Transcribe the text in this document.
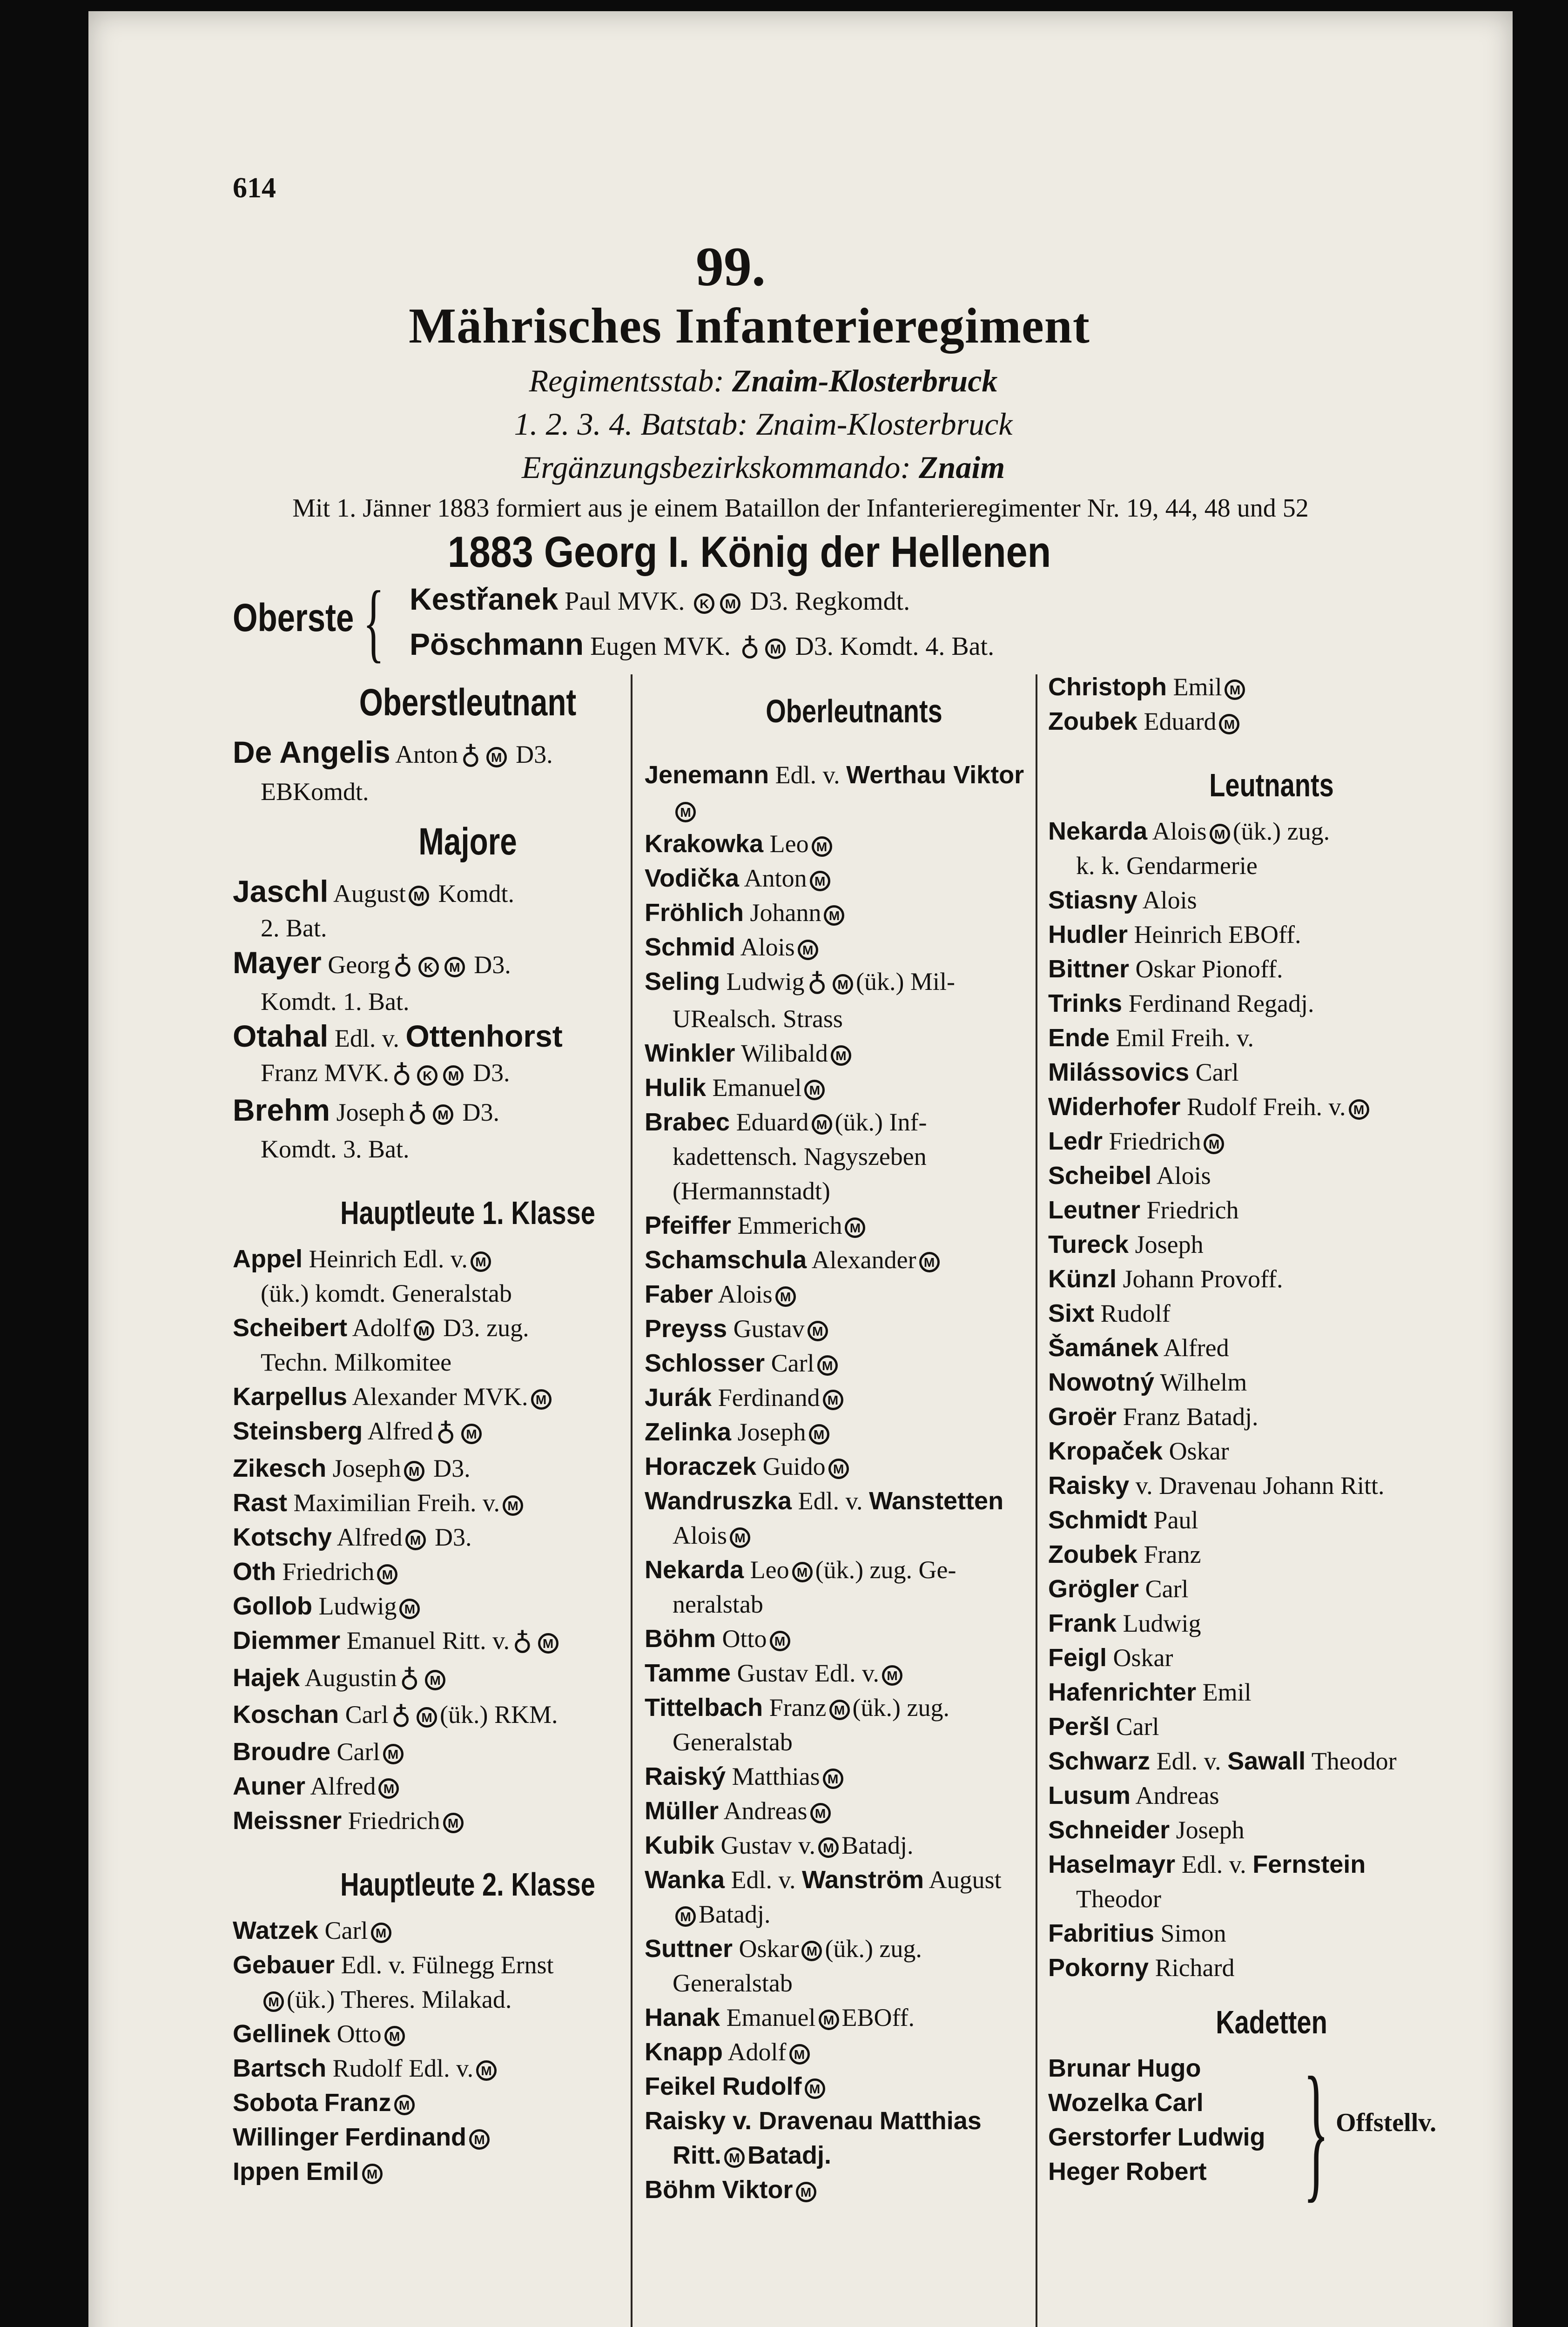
614
99.
Mährisches Infanterieregiment
Regimentsstab: Znaim-Klosterbruck
1. 2. 3. 4. Batstab: Znaim-Klosterbruck
Ergänzungsbezirkskommando: Znaim
Mit 1. Jänner 1883 formiert aus je einem Bataillon der Infanterieregimenter Nr. 19, 44, 48 und 52
1883 Georg I. König der Hellenen
Oberste { Kestřanek Paul MVK. K M D3. Regkomdt.
Pöschmann Eugen MVK. ♁ M D3. Komdt. 4. Bat.
Oberstleutnant
De Angelis Anton ♁ M D3.
EBKomdt.
Majore
Jaschl August M Komdt.
2. Bat.
Mayer Georg ♁ K M D3.
Komdt. 1. Bat.
Otahal Edl. v. Ottenhorst
Franz MVK. ♁ K M D3.
Brehm Joseph ♁ M D3.
Komdt. 3. Bat.
Hauptleute 1. Klasse
Appel Heinrich Edl. v. M
(ük.) komdt. Generalstab
Scheibert Adolf M D3. zug.
Techn. Milkomitee
Karpellus Alexander MVK. M
Steinsberg Alfred ♁ M
Zikesch Joseph M D3.
Rast Maximilian Freih. v. M
Kotschy Alfred M D3.
Oth Friedrich M
Gollob Ludwig M
Diemmer Emanuel Ritt. v. ♁ M
Hajek Augustin ♁ M
Koschan Carl ♁ M (ük.) RKM.
Broudre Carl M
Auner Alfred M
Meissner Friedrich M
Hauptleute 2. Klasse
Watzek Carl M
Gebauer Edl. v. Fülnegg Ernst
M (ük.) Theres. Milakad.
Gellinek Otto M
Bartsch Rudolf Edl. v. M
Sobota Franz M
Willinger Ferdinand M
Ippen Emil M
Oberleutnants
Jenemann Edl. v. Werthau Viktor
M
Krakowka Leo M
Vodička Anton M
Fröhlich Johann M
Schmid Alois M
Seling Ludwig ♁ M (ük.) Mil-
URealsch. Strass
Winkler Wilibald M
Hulik Emanuel M
Brabec Eduard M (ük.) Inf-
kadettensch. Nagyszeben
(Hermannstadt)
Pfeiffer Emmerich M
Schamschula Alexander M
Faber Alois M
Preyss Gustav M
Schlosser Carl M
Jurák Ferdinand M
Zelinka Joseph M
Horaczek Guido M
Wandruszka Edl. v. Wanstetten
Alois M
Nekarda Leo M (ük.) zug. Ge-
neralstab
Böhm Otto M
Tamme Gustav Edl. v. M
Tittelbach Franz M (ük.) zug.
Generalstab
Raiský Matthias M
Müller Andreas M
Kubik Gustav v. M Batadj.
Wanka Edl. v. Wanström August
M Batadj.
Suttner Oskar M (ük.) zug.
Generalstab
Hanak Emanuel M EBOff.
Knapp Adolf M
Feikel Rudolf M
Raisky v. Dravenau Matthias
Ritt. M Batadj.
Böhm Viktor M
Christoph Emil M
Zoubek Eduard M
Leutnants
Nekarda Alois M (ük.) zug.
k. k. Gendarmerie
Stiasny Alois
Hudler Heinrich EBOff.
Bittner Oskar Pionoff.
Trinks Ferdinand Regadj.
Ende Emil Freih. v.
Milássovics Carl
Widerhofer Rudolf Freih. v. M
Ledr Friedrich M
Scheibel Alois
Leutner Friedrich
Tureck Joseph
Künzl Johann Provoff.
Sixt Rudolf
Šamánek Alfred
Nowotný Wilhelm
Groër Franz Batadj.
Kropaček Oskar
Raisky v. Dravenau Johann Ritt.
Schmidt Paul
Zoubek Franz
Grögler Carl
Frank Ludwig
Feigl Oskar
Hafenrichter Emil
Peršl Carl
Schwarz Edl. v. Sawall Theodor
Lusum Andreas
Schneider Joseph
Haselmayr Edl. v. Fernstein
Theodor
Fabritius Simon
Pokorny Richard
Kadetten
Brunar Hugo
Wozelka Carl
Gerstorfer Ludwig
Heger Robert } Offstellv.
